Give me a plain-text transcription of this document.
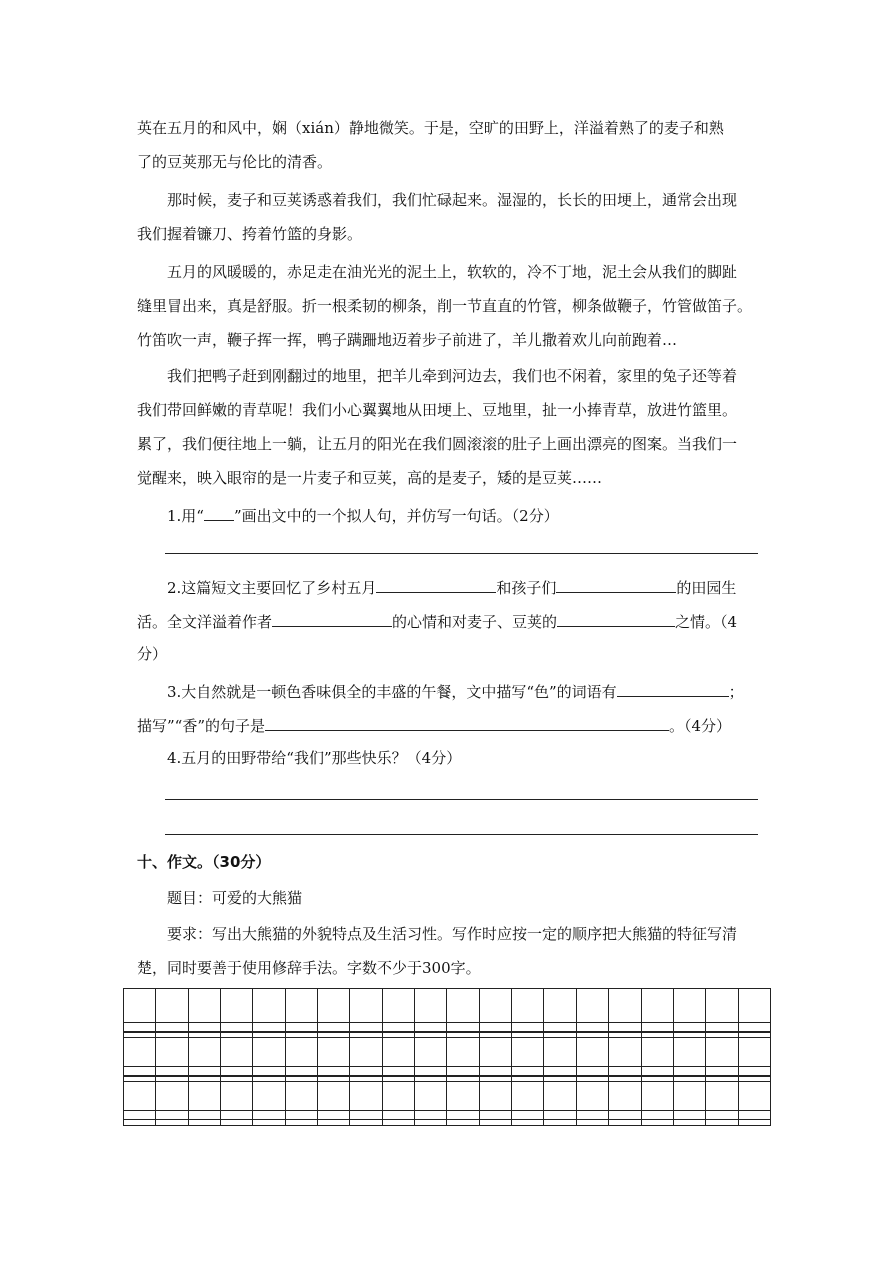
英在五月的和风中，娴（xián）静地微笑。于是，空旷的田野上，洋溢着熟了的麦子和熟
了的豆荚那无与伦比的清香。
那时候，麦子和豆荚诱惑着我们，我们忙碌起来。湿湿的，长长的田埂上，通常会出现
我们握着镰刀、挎着竹篮的身影。
五月的风暖暖的，赤足走在油光光的泥土上，软软的，冷不丁地，泥土会从我们的脚趾
缝里冒出来，真是舒服。折一根柔韧的柳条，削一节直直的竹管，柳条做鞭子，竹管做笛子。
竹笛吹一声，鞭子挥一挥，鸭子蹒跚地迈着步子前进了，羊儿撒着欢儿向前跑着…
我们把鸭子赶到刚翻过的地里，把羊儿牵到河边去，我们也不闲着，家里的兔子还等着
我们带回鲜嫩的青草呢！我们小心翼翼地从田埂上、豆地里，扯一小捧青草，放进竹篮里。
累了，我们便往地上一躺，让五月的阳光在我们圆滚滚的肚子上画出漂亮的图案。当我们一
觉醒来，映入眼帘的是一片麦子和豆荚，高的是麦子，矮的是豆荚……
1.用“ ”画出文中的一个拟人句，并仿写一句话。（2分）
2.这篇短文主要回忆了乡村五月	和孩子们	的田园生
活。全文洋溢着作者	的心情和对麦子、豆荚的	之情。（4
分）
3.大自然就是一顿色香味俱全的丰盛的午餐，文中描写“色”的词语有	；
描写”“香”的句子是	。（4分）
4.五月的田野带给“我们”那些快乐？（4分）
十、作文。（30分）
题目：可爱的大熊猫
要求：写出大熊猫的外貌特点及生活习性。写作时应按一定的顺序把大熊猫的特征写清
楚，同时要善于使用修辞手法。字数不少于300字。
